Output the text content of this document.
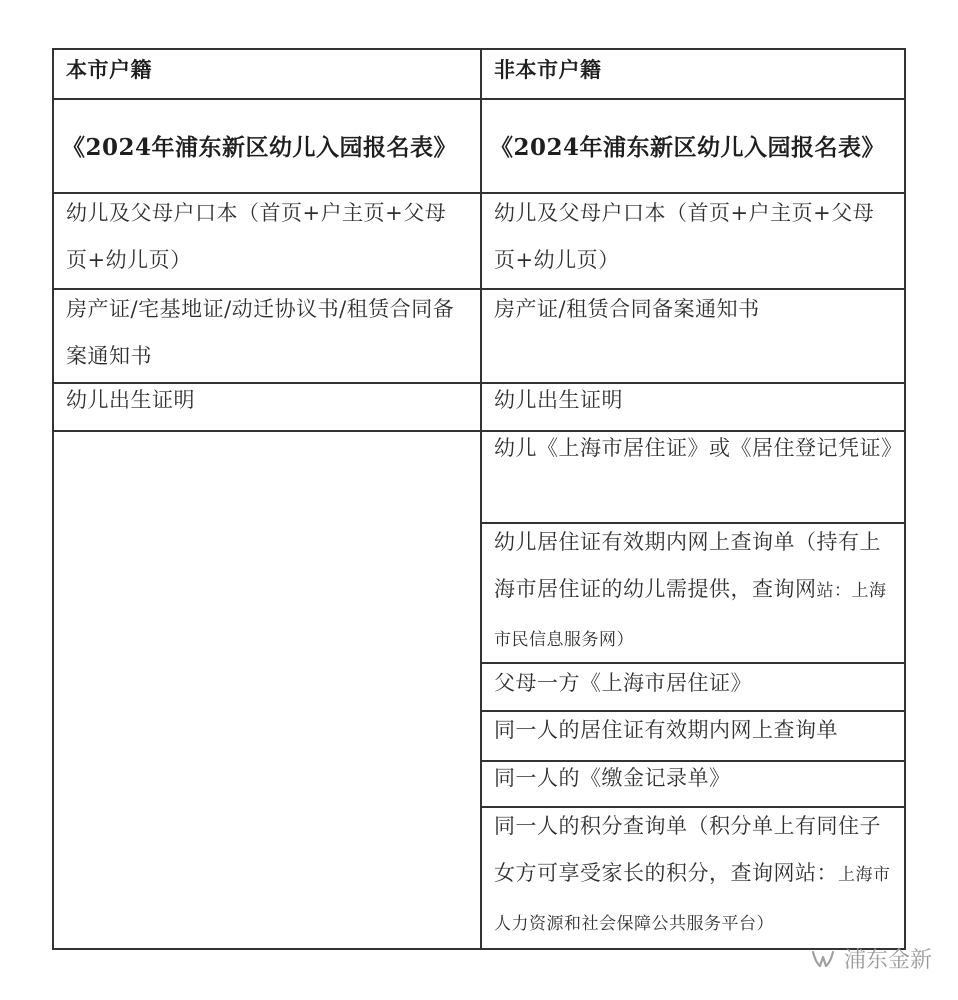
本市户籍	非本市户籍
《2024年浦东新区幼儿入园报名表》
幼儿及父母户口本（首页+户主页+父母页+幼儿页）
房产证/宅基地证/动迁协议书/租赁合同备案通知书
幼儿出生证明
《2024年浦东新区幼儿入园报名表》
幼儿及父母户口本（首页+户主页+父母页+幼儿页）
房产证/租赁合同备案通知书
幼儿出生证明
幼儿《上海市居住证》或《居住登记凭证》
幼儿居住证有效期内网上查询单（持有上海市居住证的幼儿需提供，查询网站：上海市民信息服务网）
父母一方《上海市居住证》
同一人的居住证有效期内网上查询单
同一人的《缴金记录单》
同一人的积分查询单（积分单上有同住子女方可享受家长的积分，查询网站：上海市人力资源和社会保障公共服务平台）
浦东金新
